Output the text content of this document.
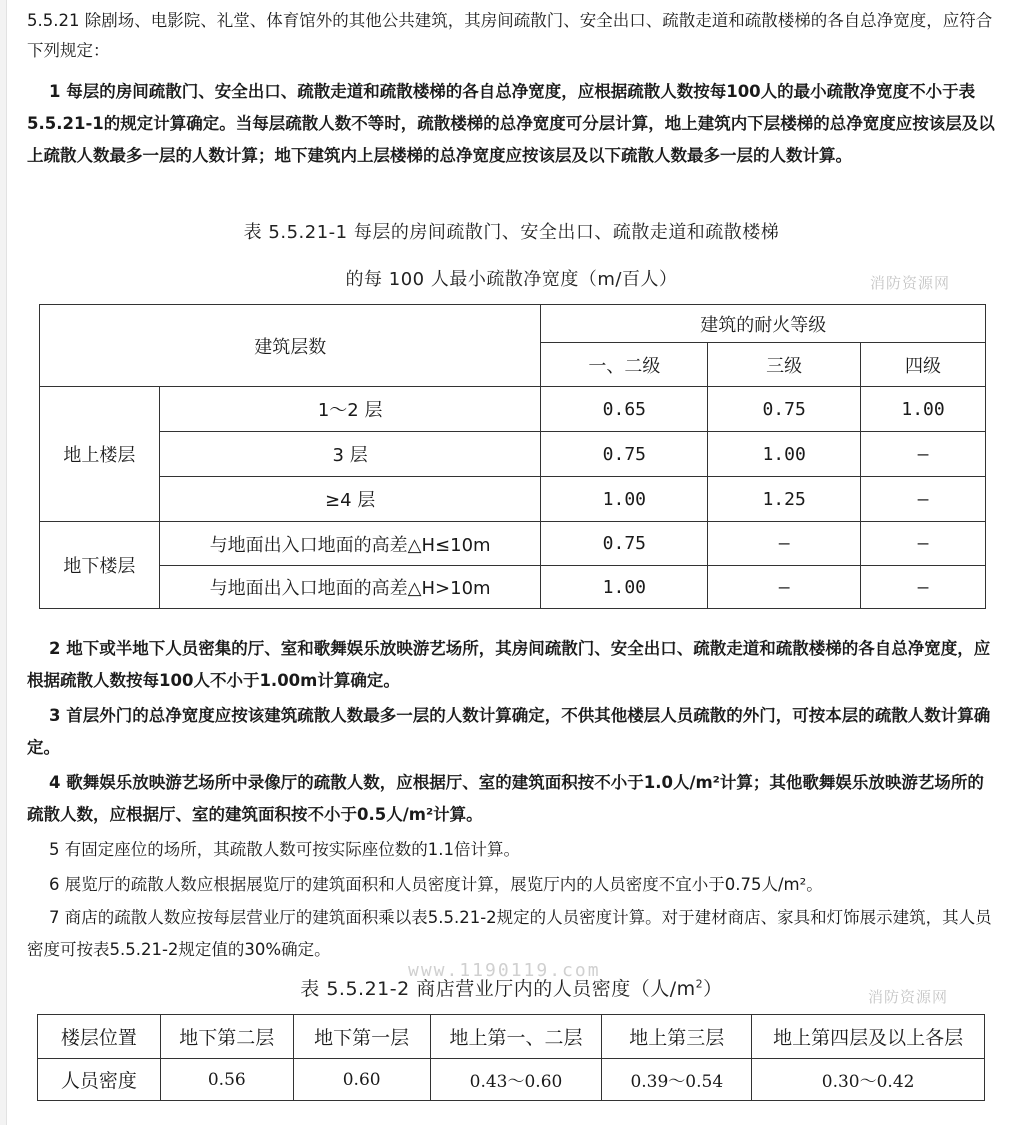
5.5.21 除剧场、电影院、礼堂、体育馆外的其他公共建筑，其房间疏散门、安全出口、疏散走道和疏散楼梯的各自总净宽度，应符合下列规定：
1 每层的房间疏散门、安全出口、疏散走道和疏散楼梯的各自总净宽度，应根据疏散人数按每100人的最小疏散净宽度不小于表5.5.21-1的规定计算确定。当每层疏散人数不等时，疏散楼梯的总净宽度可分层计算，地上建筑内下层楼梯的总净宽度应按该层及以上疏散人数最多一层的人数计算；地下建筑内上层楼梯的总净宽度应按该层及以下疏散人数最多一层的人数计算。
表 5.5.21-1 每层的房间疏散门、安全出口、疏散走道和疏散楼梯
的每 100 人最小疏散净宽度（m/百人）	消防资源网
建筑层数		建筑的耐火等级		
		一、二级	三级	四级
地上楼层	1～2 层	0.65	0.75	1.00
	3 层	0.75	1.00	—
	≥4 层	1.00	1.25	—
地下楼层	与地面出入口地面的高差△H≤10m	0.75	—	—
	与地面出入口地面的高差△H>10m	1.00	—	—
2 地下或半地下人员密集的厅、室和歌舞娱乐放映游艺场所，其房间疏散门、安全出口、疏散走道和疏散楼梯的各自总净宽度，应根据疏散人数按每100人不小于1.00m计算确定。
3 首层外门的总净宽度应按该建筑疏散人数最多一层的人数计算确定，不供其他楼层人员疏散的外门，可按本层的疏散人数计算确定。
4 歌舞娱乐放映游艺场所中录像厅的疏散人数，应根据厅、室的建筑面积按不小于1.0人/m²计算；其他歌舞娱乐放映游艺场所的疏散人数，应根据厅、室的建筑面积按不小于0.5人/m²计算。
5 有固定座位的场所，其疏散人数可按实际座位数的1.1倍计算。
6 展览厅的疏散人数应根据展览厅的建筑面积和人员密度计算，展览厅内的人员密度不宜小于0.75人/m²。
7 商店的疏散人数应按每层营业厅的建筑面积乘以表5.5.21-2规定的人员密度计算。对于建材商店、家具和灯饰展示建筑，其人员密度可按表5.5.21-2规定值的30%确定。
www.1190119.com
表 5.5.21-2 商店营业厅内的人员密度（人$/m^2$）	消防资源网
楼层位置	地下第二层	地下第一层	地上第一、二层	地上第三层	地上第四层及以上各层
人员密度	0.56	0.60	0.43～0.60	0.39～0.54	0.30～0.42
